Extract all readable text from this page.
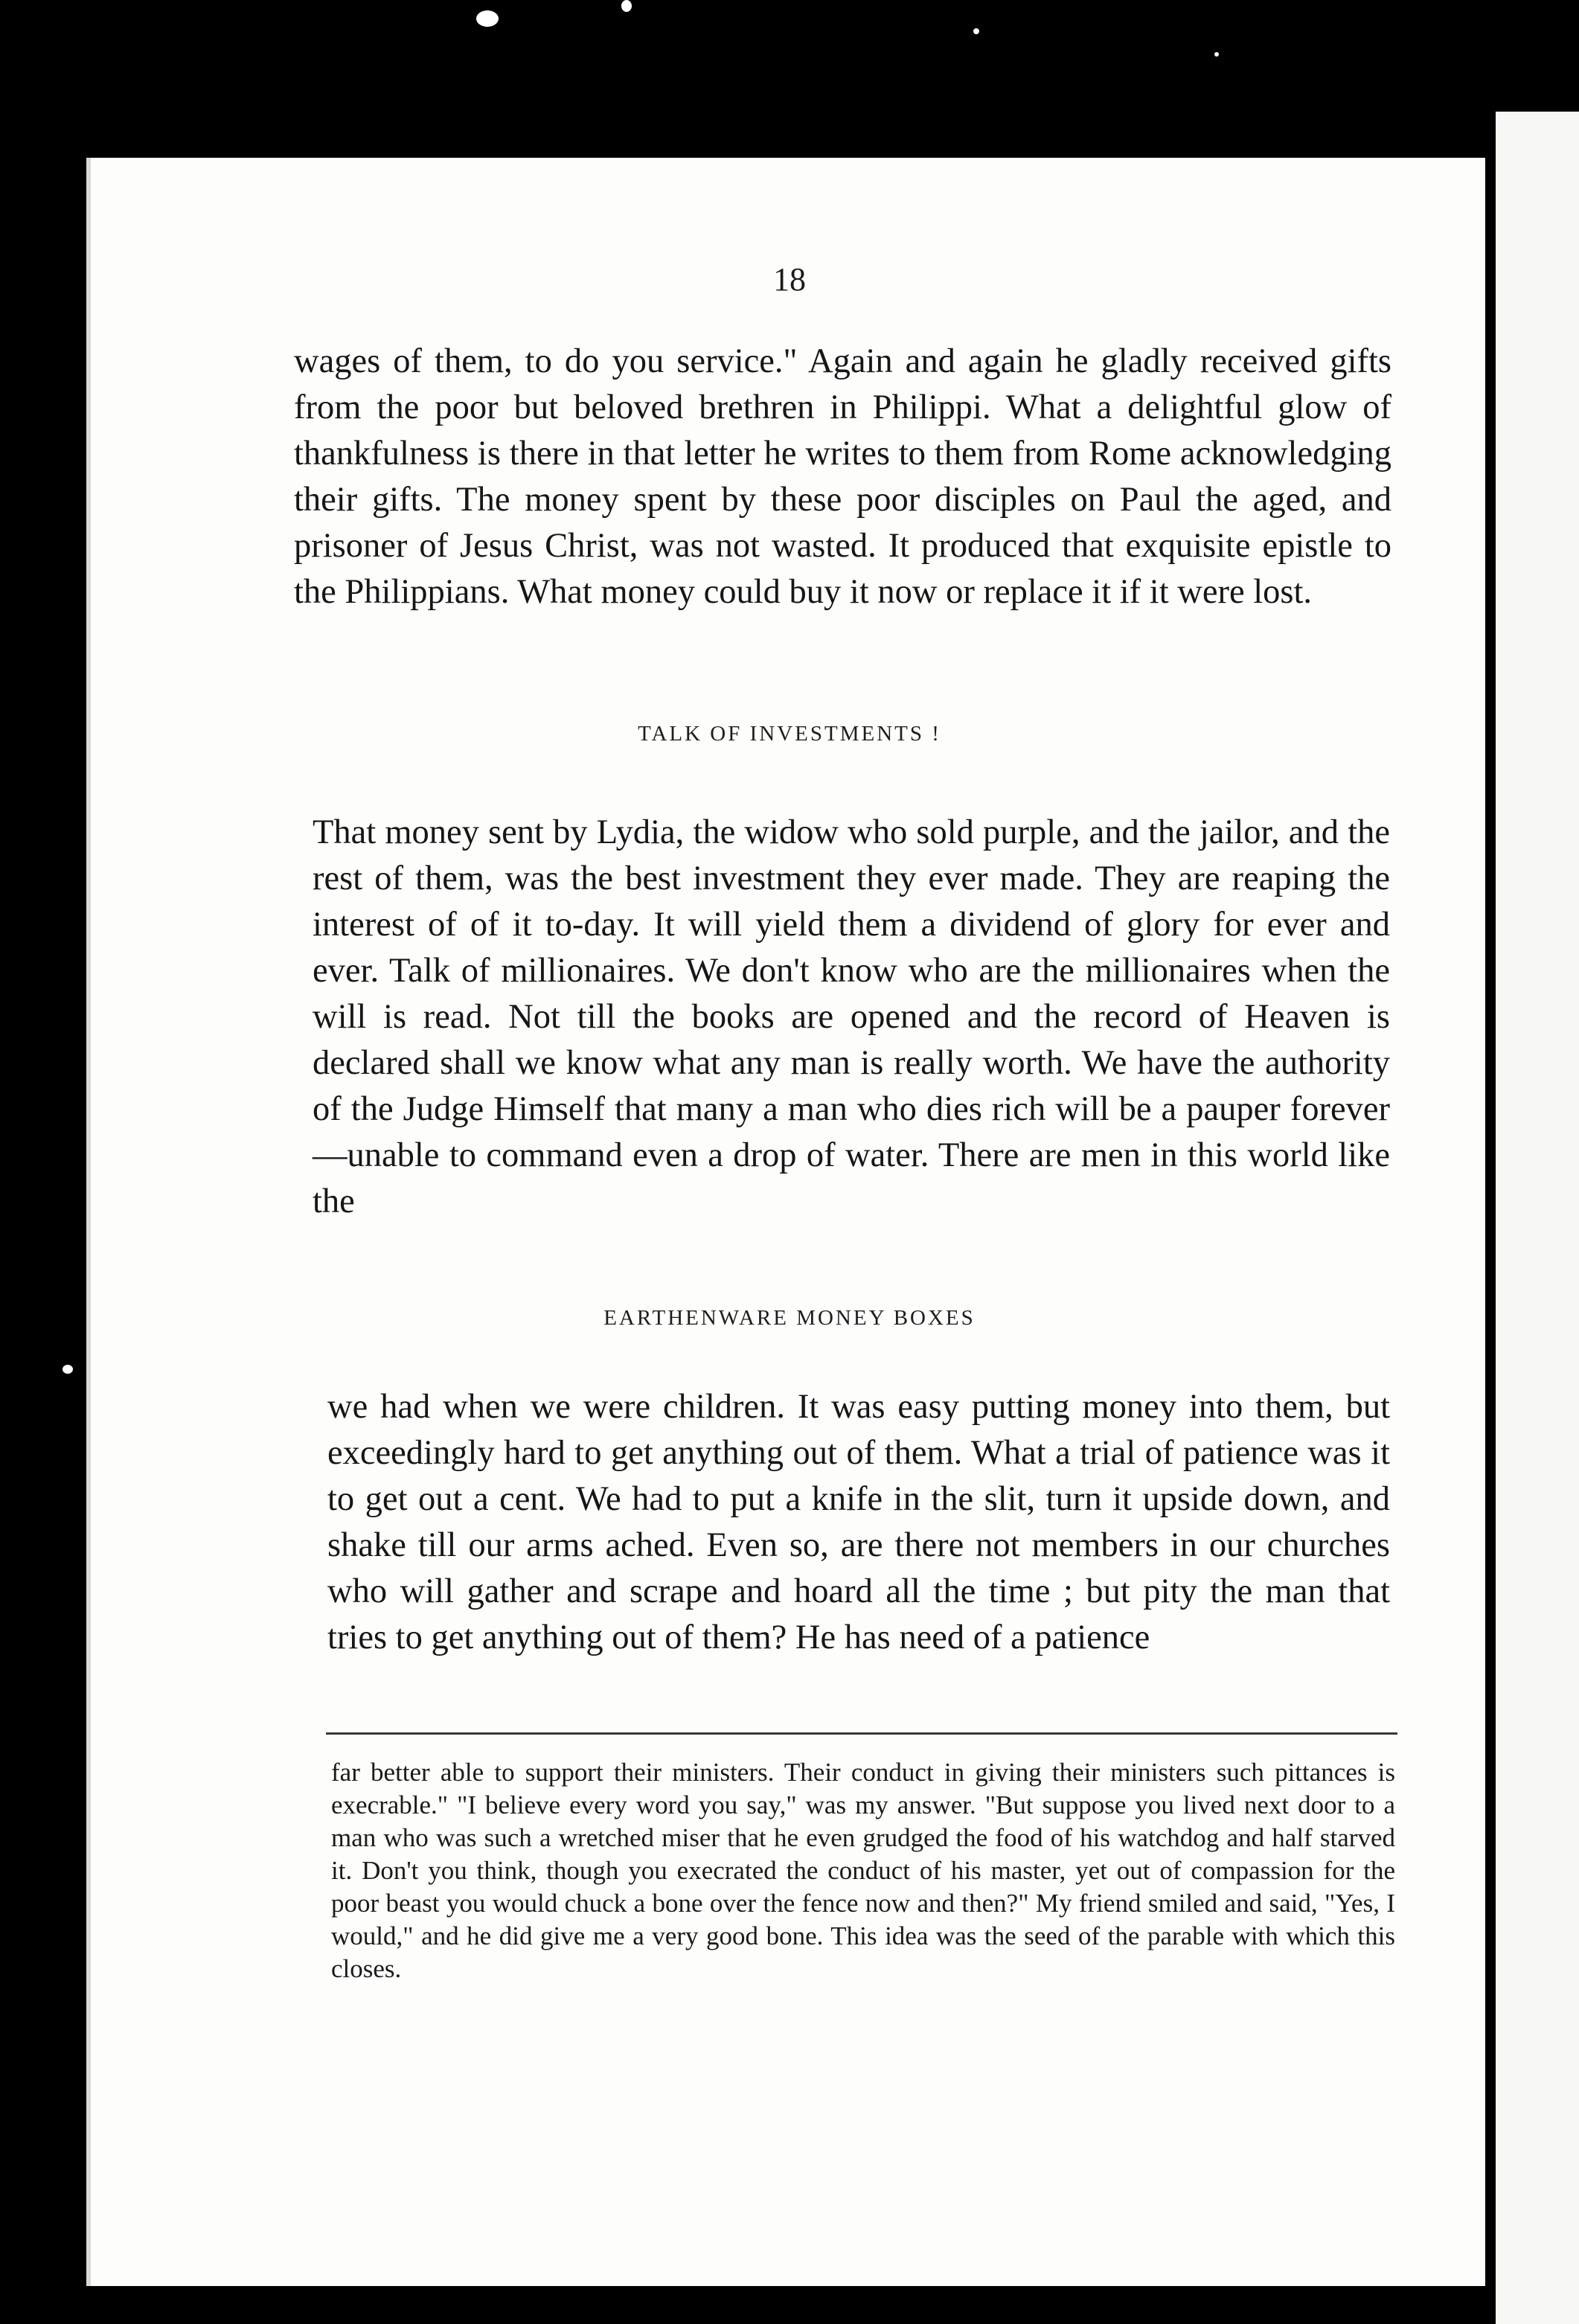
18

wages of them, to do you service." Again and again he gladly received gifts from the poor but beloved brethren in Philippi. What a delightful glow of thankfulness is there in that letter he writes to them from Rome acknowledging their gifts. The money spent by these poor disciples on Paul the aged, and prisoner of Jesus Christ, was not wasted. It produced that exquisite epistle to the Philippians. What money could buy it now or replace it if it were lost.

TALK OF INVESTMENTS !

That money sent by Lydia, the widow who sold purple, and the jailor, and the rest of them, was the best investment they ever made. They are reaping the interest of of it to-day. It will yield them a dividend of glory for ever and ever. Talk of millionaires. We don't know who are the millionaires when the will is read. Not till the books are opened and the record of Heaven is declared shall we know what any man is really worth. We have the authority of the Judge Himself that many a man who dies rich will be a pauper forever—unable to command even a drop of water. There are men in this world like the

EARTHENWARE MONEY BOXES

we had when we were children. It was easy putting money into them, but exceedingly hard to get anything out of them. What a trial of patience was it to get out a cent. We had to put a knife in the slit, turn it upside down, and shake till our arms ached. Even so, are there not members in our churches who will gather and scrape and hoard all the time ; but pity the man that tries to get anything out of them? He has need of a patience

far better able to support their ministers. Their conduct in giving their ministers such pittances is execrable." "I believe every word you say," was my answer. "But suppose you lived next door to a man who was such a wretched miser that he even grudged the food of his watchdog and half starved it. Don't you think, though you execrated the conduct of his master, yet out of compassion for the poor beast you would chuck a bone over the fence now and then?" My friend smiled and said, "Yes, I would," and he did give me a very good bone. This idea was the seed of the parable with which this closes.
